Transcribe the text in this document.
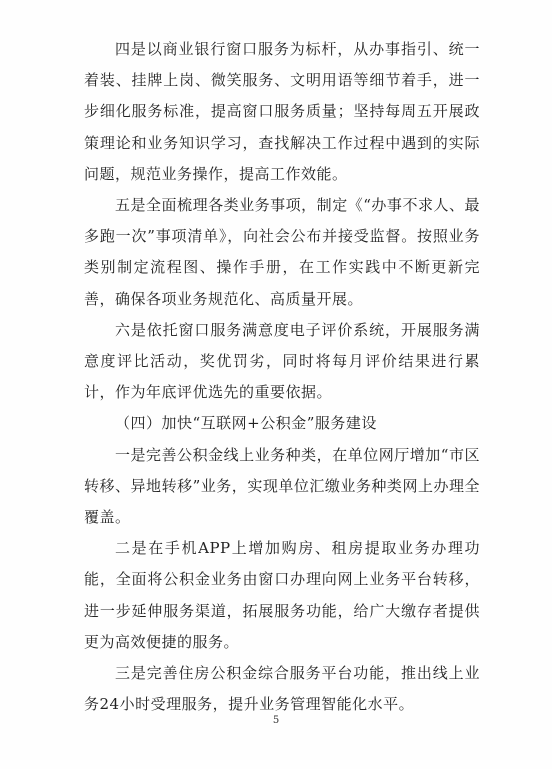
四是以商业银行窗口服务为标杆，从办事指引、统一着装、挂牌上岗、微笑服务、文明用语等细节着手，进一步细化服务标准，提高窗口服务质量；坚持每周五开展政策理论和业务知识学习，查找解决工作过程中遇到的实际问题，规范业务操作，提高工作效能。

五是全面梳理各类业务事项，制定《“办事不求人、最多跑一次”事项清单》，向社会公布并接受监督。按照业务类别制定流程图、操作手册，在工作实践中不断更新完善，确保各项业务规范化、高质量开展。

六是依托窗口服务满意度电子评价系统，开展服务满意度评比活动，奖优罚劣，同时将每月评价结果进行累计，作为年底评优选先的重要依据。

（四）加快“互联网+公积金”服务建设

一是完善公积金线上业务种类，在单位网厅增加“市区转移、异地转移”业务，实现单位汇缴业务种类网上办理全覆盖。

二是在手机APP上增加购房、租房提取业务办理功能，全面将公积金业务由窗口办理向网上业务平台转移，进一步延伸服务渠道，拓展服务功能，给广大缴存者提供更为高效便捷的服务。

三是完善住房公积金综合服务平台功能，推出线上业务24小时受理服务，提升业务管理智能化水平。

5
